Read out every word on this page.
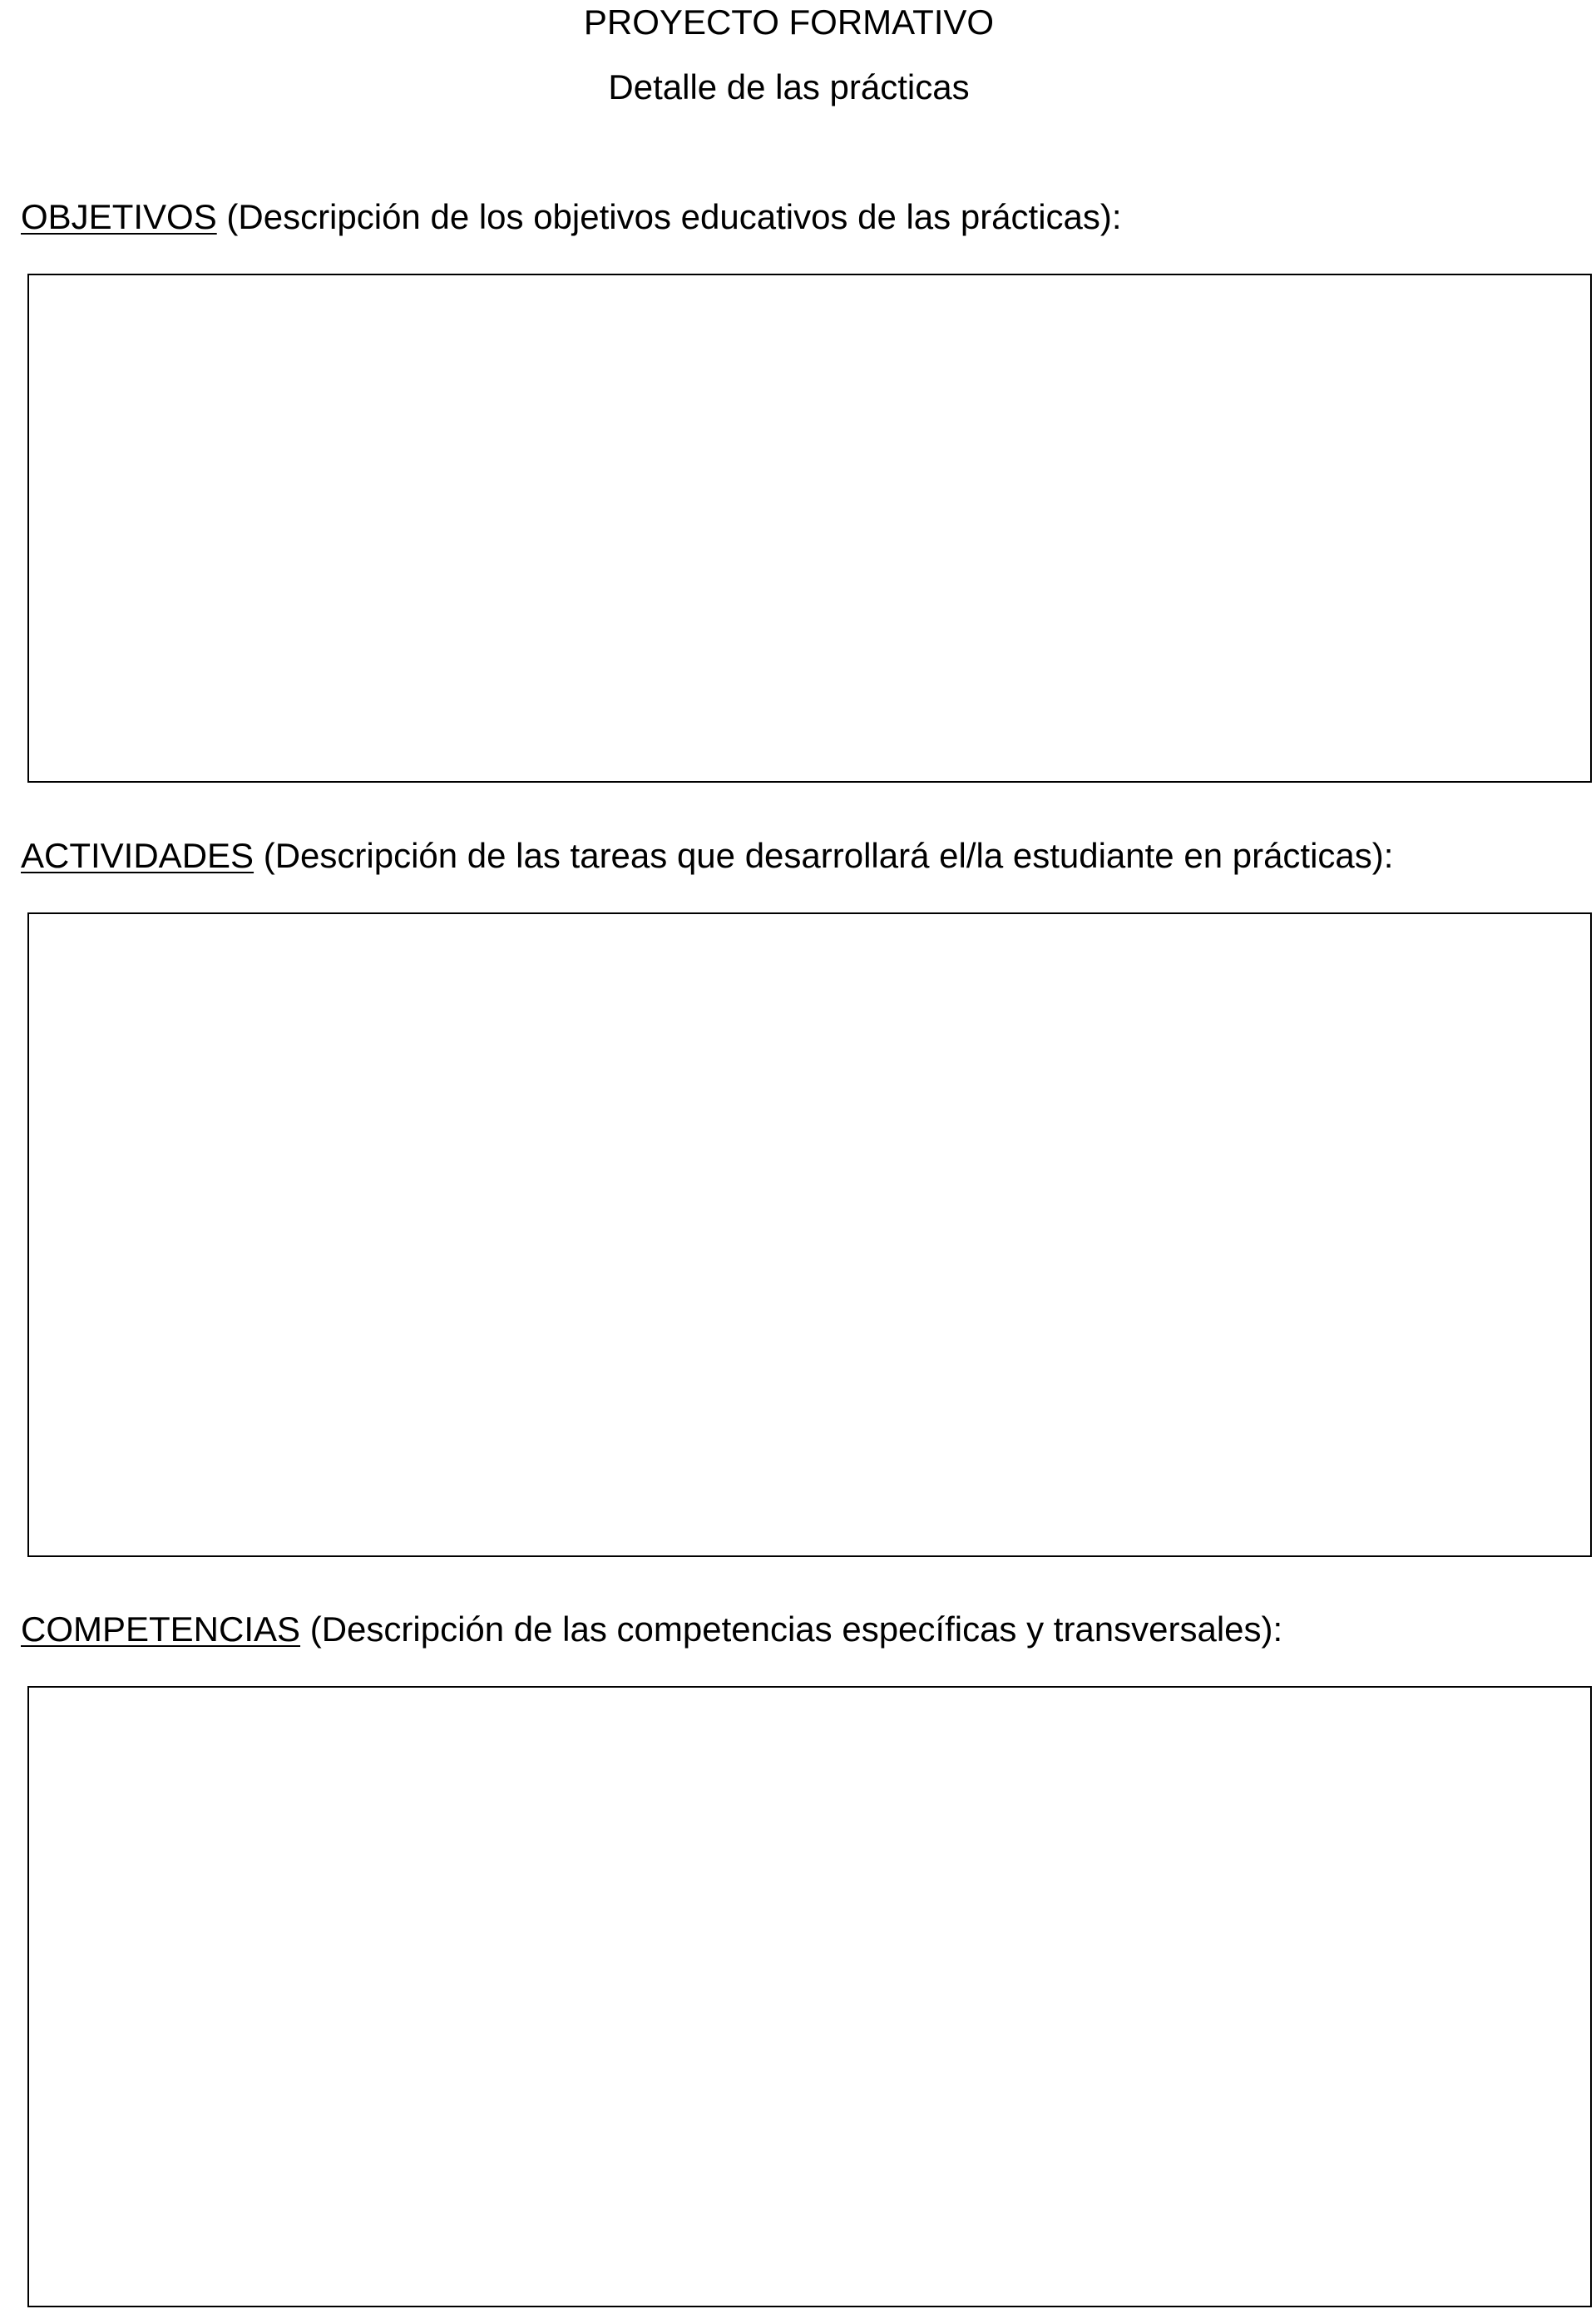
PROYECTO FORMATIVO
Detalle de las prácticas
OBJETIVOS (Descripción de los objetivos educativos de las prácticas):
ACTIVIDADES (Descripción de las tareas que desarrollará el/la estudiante en prácticas):
COMPETENCIAS (Descripción de las competencias específicas y transversales):
